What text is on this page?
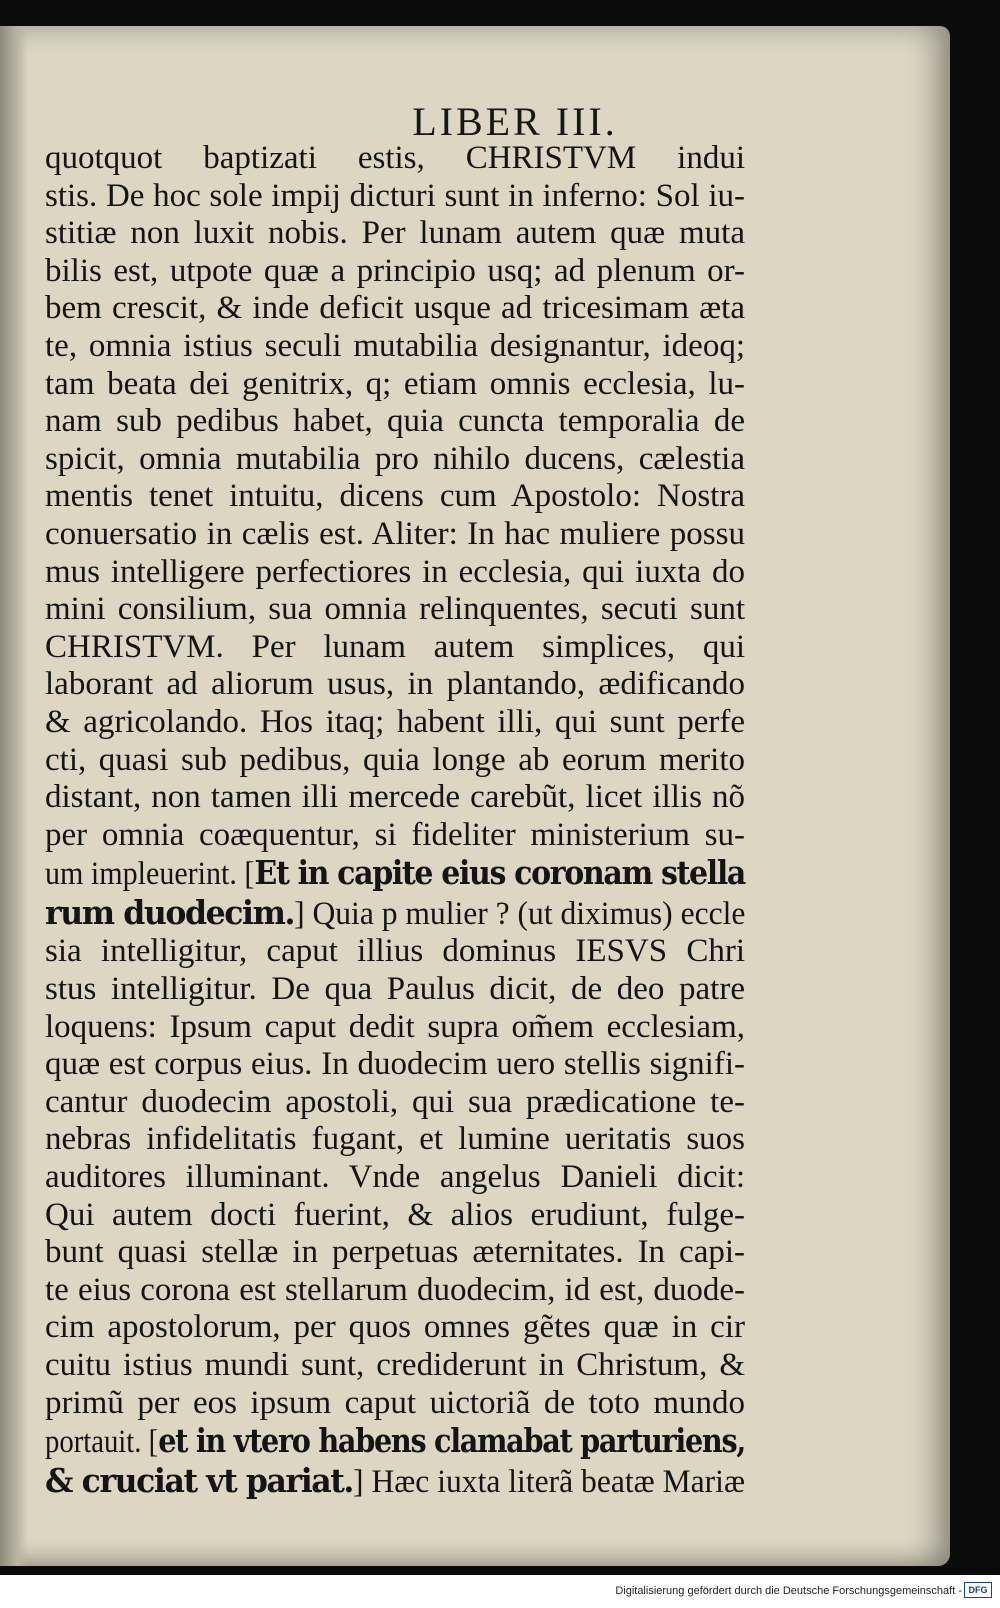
LIBER III.
quotquot baptizati estis, CHRISTVM indui
stis. De hoc sole impij dicturi sunt in inferno: Sol iu-
stitiæ non luxit nobis. Per lunam autem quæ muta
bilis est, utpote quæ a principio usq; ad plenum or-
bem crescit, & inde deficit usque ad tricesimam æta
te, omnia istius seculi mutabilia designantur, ideoq;
tam beata dei genitrix, q; etiam omnis ecclesia, lu-
nam sub pedibus habet, quia cuncta temporalia de
spicit, omnia mutabilia pro nihilo ducens, cælestia
mentis tenet intuitu, dicens cum Apostolo: Nostra
conuersatio in cælis est. Aliter: In hac muliere possu
mus intelligere perfectiores in ecclesia, qui iuxta do
mini consilium, sua omnia relinquentes, secuti sunt
CHRISTVM. Per lunam autem simplices, qui
laborant ad aliorum usus, in plantando, ædificando
& agricolando. Hos itaq; habent illi, qui sunt perfe
cti, quasi sub pedibus, quia longe ab eorum merito
distant, non tamen illi mercede carebũt, licet illis nõ
per omnia coæquentur, si fideliter ministerium su-
um impleuerint. [Et in capite eius coronam stella
rum duodecim.] Quia p mulier ? (ut diximus) eccle
sia intelligitur, caput illius dominus IESVS Chri
stus intelligitur. De qua Paulus dicit, de deo patre
loquens: Ipsum caput dedit supra om̃em ecclesiam,
quæ est corpus eius. In duodecim uero stellis signifi-
cantur duodecim apostoli, qui sua prædicatione te-
nebras infidelitatis fugant, et lumine ueritatis suos
auditores illuminant. Vnde angelus Danieli dicit:
Qui autem docti fuerint, & alios erudiunt, fulge-
bunt quasi stellæ in perpetuas æternitates. In capi-
te eius corona est stellarum duodecim, id est, duode-
cim apostolorum, per quos omnes gẽtes quæ in cir
cuitu istius mundi sunt, crediderunt in Christum, &
primũ per eos ipsum caput uictoriã de toto mundo
portauit. [et in vtero habens clamabat parturiens,
& cruciat vt pariat.] Hæc iuxta literã beatæ Mariæ
Digitalisierung gefördert durch die Deutsche Forschungsgemeinschaft - DFG
